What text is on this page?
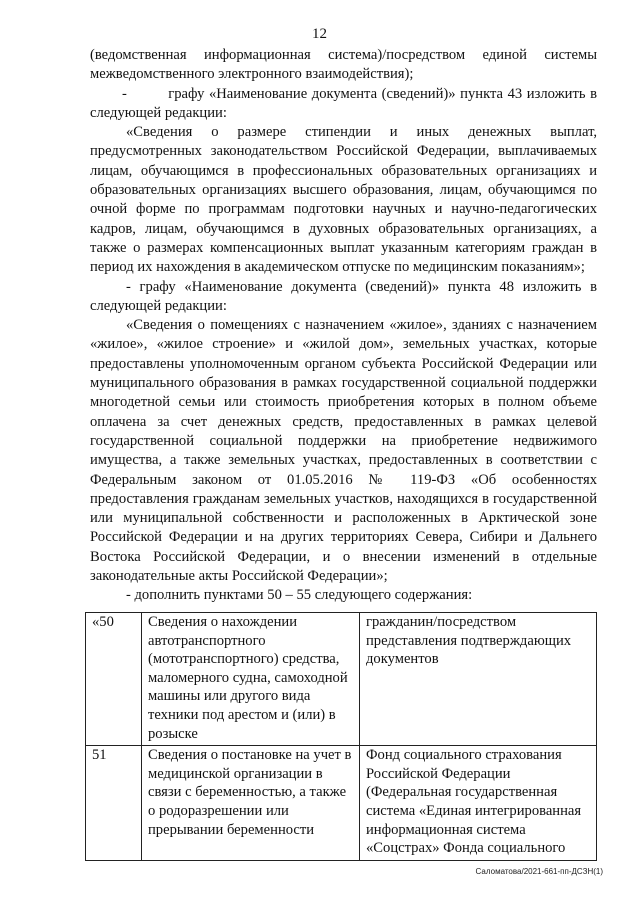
12

(ведомственная информационная система)/посредством единой системы межведомственного электронного взаимодействия);

-         графу «Наименование документа (сведений)» пункта 43 изложить в следующей редакции:

«Сведения о размере стипендии и иных денежных выплат, предусмотренных законодательством Российской Федерации, выплачиваемых лицам, обучающимся в профессиональных образовательных организациях и образовательных организациях высшего образования, лицам, обучающимся по очной форме по программам подготовки научных и научно-педагогических кадров, лицам, обучающимся в духовных образовательных организациях, а также о размерах компенсационных выплат указанным категориям граждан в период их нахождения в академическом отпуске по медицинским показаниям»;

- графу «Наименование документа (сведений)» пункта 48 изложить в следующей редакции:

«Сведения о помещениях с назначением «жилое», зданиях с назначением «жилое», «жилое строение» и «жилой дом», земельных участках, которые предоставлены уполномоченным органом субъекта Российской Федерации или муниципального образования в рамках государственной социальной поддержки многодетной семьи или стоимость приобретения которых в полном объеме оплачена за счет денежных средств, предоставленных в рамках целевой государственной социальной поддержки на приобретение недвижимого имущества, а также земельных участках, предоставленных в соответствии с Федеральным законом от 01.05.2016 № 119-ФЗ «Об особенностях предоставления гражданам земельных участков, находящихся в государственной или муниципальной собственности и расположенных в Арктической зоне Российской Федерации и на других территориях Севера, Сибири и Дальнего Востока Российской Федерации, и о внесении изменений в отдельные законодательные акты Российской Федерации»;

- дополнить пунктами 50 – 55 следующего содержания:

«50	Сведения о нахождении автотранспортного (мототранспортного) средства, маломерного судна, самоходной машины или другого вида техники под арестом и (или) в розыске	гражданин/посредством представления подтверждающих документов
51	Сведения о постановке на учет в медицинской организации в связи с беременностью, а также о родоразрешении или прерывании беременности	Фонд социального страхования Российской Федерации (Федеральная государственная система «Единая интегрированная информационная система «Соцстрах» Фонда социального
Саломатова/2021-661-пп-ДСЗН(1)
